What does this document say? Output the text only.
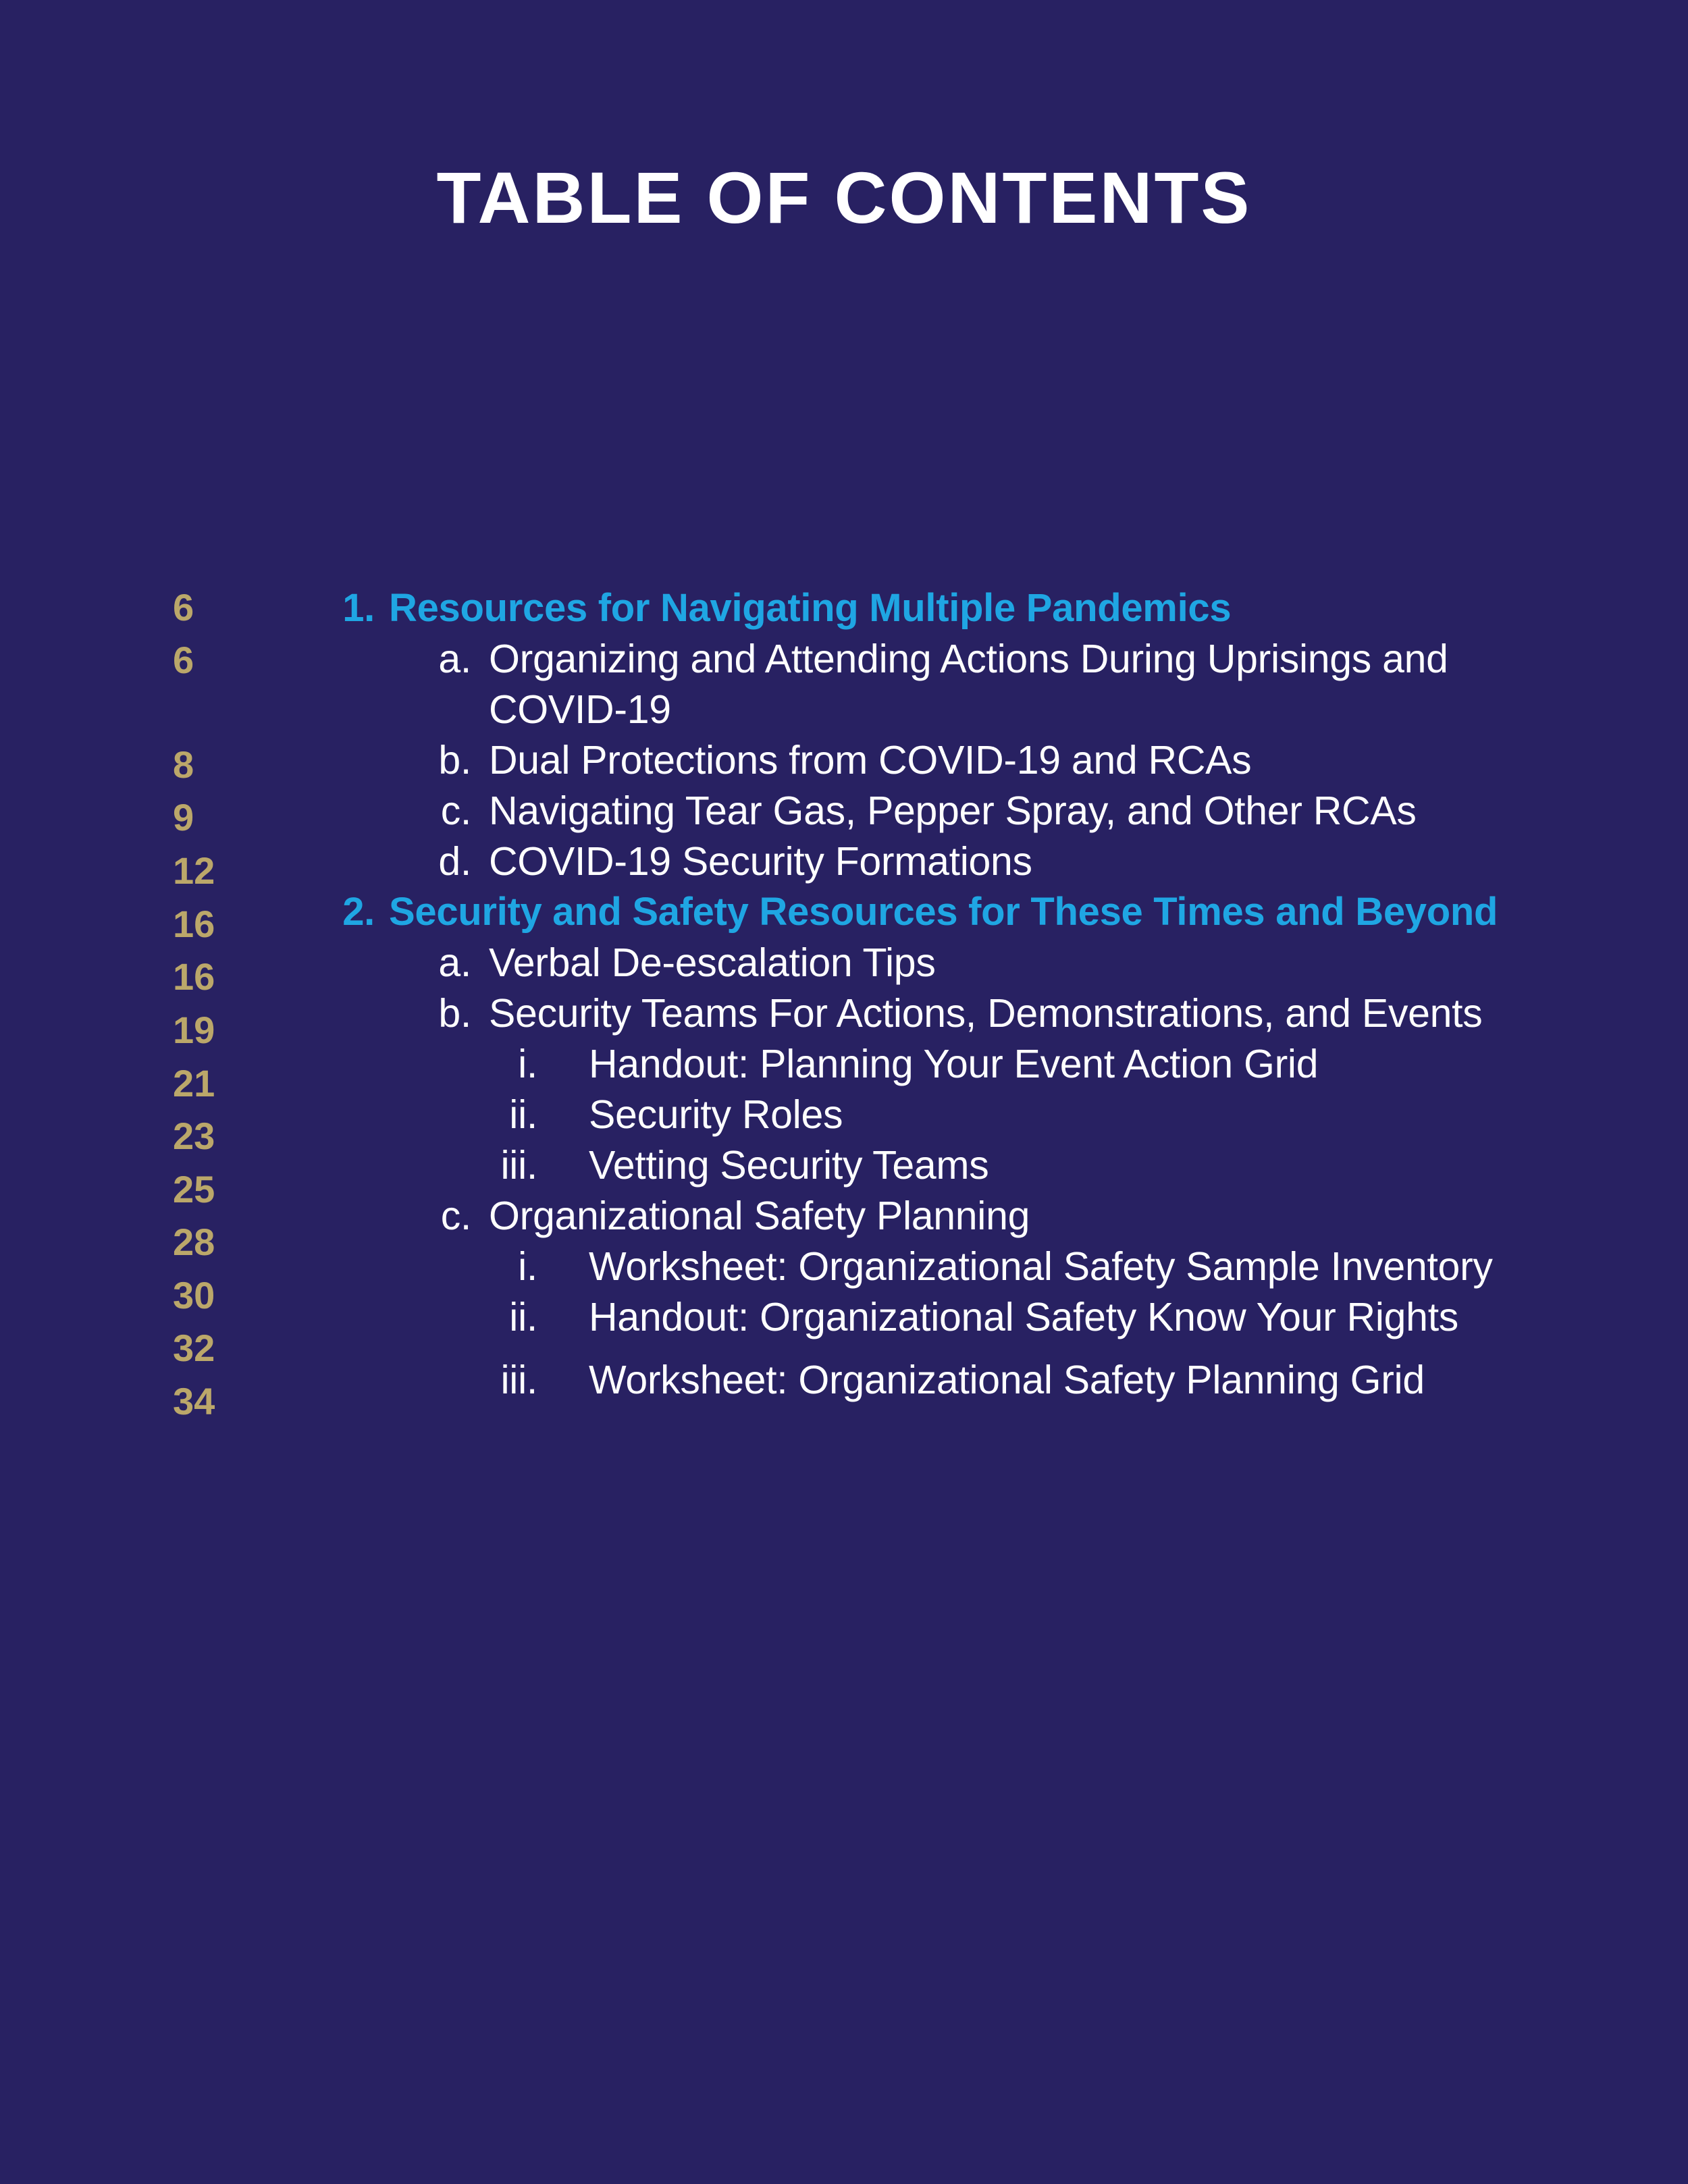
TABLE OF CONTENTS
6
6
8
9
12
16
16
19
21
23
25
28
30
32
34
1. Resources for Navigating Multiple Pandemics
a. Organizing and Attending Actions During Uprisings and
COVID-19
b. Dual Protections from COVID-19 and RCAs
c. Navigating Tear Gas, Pepper Spray, and Other RCAs
d. COVID-19 Security Formations
2. Security and Safety Resources for These Times and Beyond
a. Verbal De-escalation Tips
b. Security Teams For Actions, Demonstrations, and Events
i. Handout: Planning Your Event Action Grid
ii. Security Roles
iii. Vetting Security Teams
c. Organizational Safety Planning
i. Worksheet: Organizational Safety Sample Inventory
ii. Handout: Organizational Safety Know Your Rights
iii. Worksheet: Organizational Safety Planning Grid
